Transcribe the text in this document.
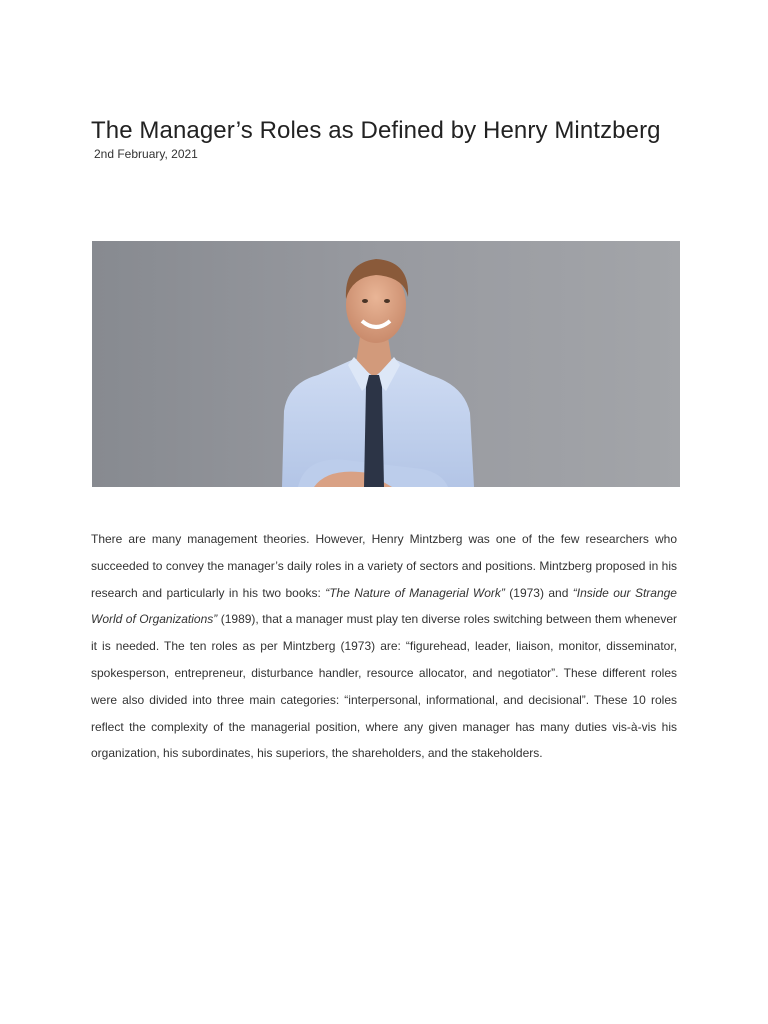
The Manager’s Roles as Defined by Henry Mintzberg
2nd February, 2021

There are many management theories. However, Henry Mintzberg was one of the few researchers who succeeded to convey the manager’s daily roles in a variety of sectors and positions. Mintzberg proposed in his research and particularly in his two books: “The Nature of Managerial Work” (1973) and “Inside our Strange World of Organizations” (1989), that a manager must play ten diverse roles switching between them whenever it is needed. The ten roles as per Mintzberg (1973) are: “figurehead, leader, liaison, monitor, disseminator, spokesperson, entrepreneur, disturbance handler, resource allocator, and negotiator”. These different roles were also divided into three main categories: “interpersonal, informational, and decisional”. These 10 roles reflect the complexity of the managerial position, where any given manager has many duties vis-à-vis his organization, his subordinates, his superiors, the shareholders, and the stakeholders.
